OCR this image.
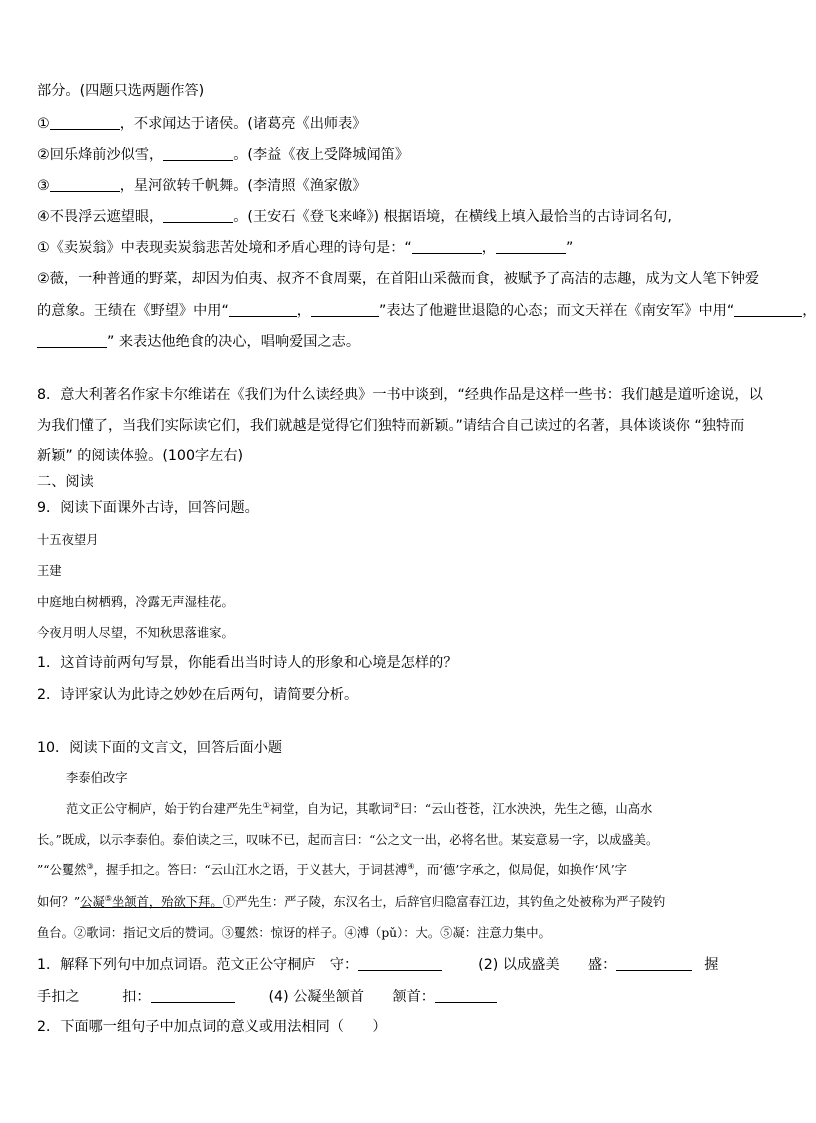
部分。(四题只选两题作答)
①	，不求闻达于诸侯。(诸葛亮《出师表》
②回乐烽前沙似雪，	。(李益《夜上受降城闻笛》
③	，星河欲转千帆舞。(李清照《渔家傲》
④不畏浮云遮望眼，	。(王安石《登飞来峰》) 根据语境，在横线上填入最恰当的古诗词名句,
①《卖炭翁》中表现卖炭翁悲苦处境和矛盾心理的诗句是：“	，	”
②薇，一种普通的野菜，却因为伯夷、叔齐不食周粟，在首阳山采薇而食，被赋予了高洁的志趣，成为文人笔下钟爱
的意象。王绩在《野望》中用“	，	”表达了他避世退隐的心态；而文天祥在《南安军》中用“	，
” 来表达他绝食的决心，唱响爱国之志。
8．意大利著名作家卡尔维诺在《我们为什么读经典》一书中谈到，“经典作品是这样一些书：我们越是道听途说，以
为我们懂了，当我们实际读它们，我们就越是觉得它们独特而新颖。”请结合自己读过的名著，具体谈谈你 “独特而
新颖” 的阅读体验。(100字左右)
二、阅读
9．阅读下面课外古诗，回答问题。
十五夜望月
王建
中庭地白树栖鸦，冷露无声湿桂花。
今夜月明人尽望，不知秋思落谁家。
1．这首诗前两句写景，你能看出当时诗人的形象和心境是怎样的？
2．诗评家认为此诗之妙妙在后两句，请简要分析。
10．阅读下面的文言文，回答后面小题
李泰伯改字
范文正公守桐庐，始于钓台建严先生①祠堂，自为记，其歌词②曰：“云山苍苍，江水泱泱，先生之德，山高水
长。”既成，以示李泰伯。泰伯读之三，叹味不已，起而言曰：“公之文一出，必将名世。某妄意易一字，以成盛美。
”“公矍然③，握手扣之。答曰：“云山江水之语，于义甚大，于词甚溥④，而‘德’字承之，似局促，如换作‘风’字
如何？”公凝⑤坐颔首，殆欲下拜。①严先生：严子陵，东汉名士，后辞官归隐富春江边，其钓鱼之处被称为严子陵钓
鱼台。②歌词：指记文后的赞词。③矍然：惊讶的样子。④溥（pǔ）：大。⑤凝：注意力集中。
1．解释下列句中加点词语。范文正公守桐庐　守：	(2) 以成盛美　　盛：	握
手扣之　　　扣：	(4) 公凝坐颔首　　颔首：
2．下面哪一组句子中加点词的意义或用法相同（　　）
